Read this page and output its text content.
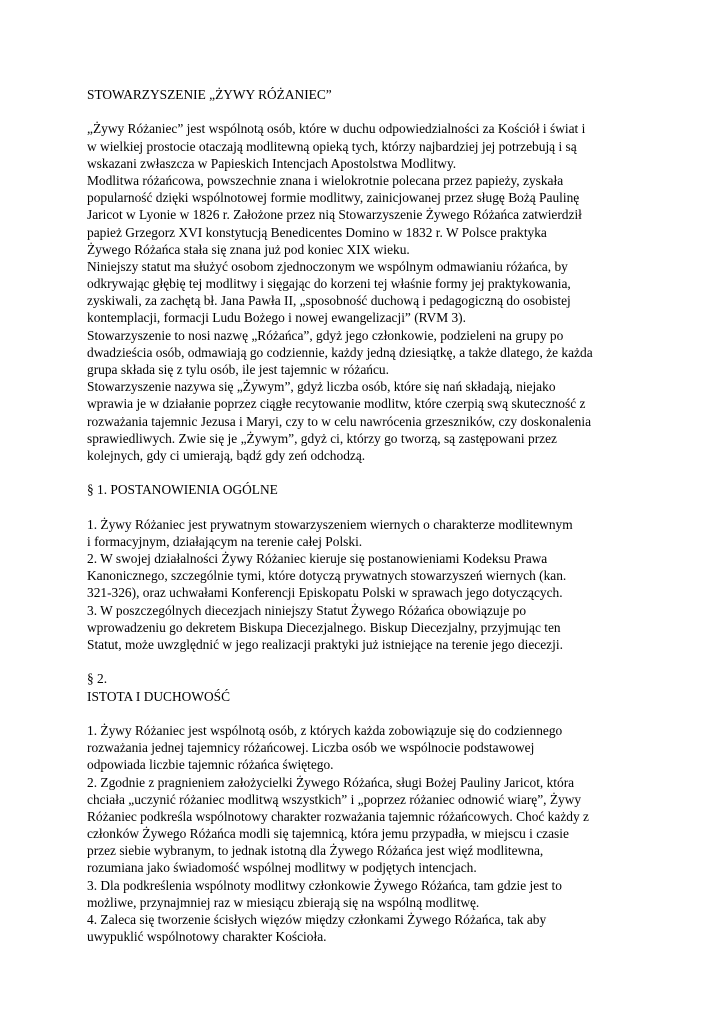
STOWARZYSZENIE „ŻYWY RÓŻANIEC”
„Żywy Różaniec” jest wspólnotą osób, które w duchu odpowiedzialności za Kościół i świat i
w wielkiej prostocie otaczają modlitewną opieką tych, którzy najbardziej jej potrzebują i są
wskazani zwłaszcza w Papieskich Intencjach Apostolstwa Modlitwy.
Modlitwa różańcowa, powszechnie znana i wielokrotnie polecana przez papieży, zyskała
popularność dzięki wspólnotowej formie modlitwy, zainicjowanej przez sługę Bożą Paulinę
Jaricot w Lyonie w 1826 r. Założone przez nią Stowarzyszenie Żywego Różańca zatwierdził
papież Grzegorz XVI konstytucją Benedicentes Domino w 1832 r. W Polsce praktyka
Żywego Różańca stała się znana już pod koniec XIX wieku.
Niniejszy statut ma służyć osobom zjednoczonym we wspólnym odmawianiu różańca, by
odkrywając głębię tej modlitwy i sięgając do korzeni tej właśnie formy jej praktykowania,
zyskiwali, za zachętą bł. Jana Pawła II, „sposobność duchową i pedagogiczną do osobistej
kontemplacji, formacji Ludu Bożego i nowej ewangelizacji” (RVM 3).
Stowarzyszenie to nosi nazwę „Różańca”, gdyż jego członkowie, podzieleni na grupy po
dwadzieścia osób, odmawiają go codziennie, każdy jedną dziesiątkę, a także dlatego, że każda
grupa składa się z tylu osób, ile jest tajemnic w różańcu.
Stowarzyszenie nazywa się „Żywym”, gdyż liczba osób, które się nań składają, niejako
wprawia je w działanie poprzez ciągłe recytowanie modlitw, które czerpią swą skuteczność z
rozważania tajemnic Jezusa i Maryi, czy to w celu nawrócenia grzeszników, czy doskonalenia
sprawiedliwych. Zwie się je „Żywym”, gdyż ci, którzy go tworzą, są zastępowani przez
kolejnych, gdy ci umierają, bądź gdy zeń odchodzą.
§ 1. POSTANOWIENIA OGÓLNE
1. Żywy Różaniec jest prywatnym stowarzyszeniem wiernych o charakterze modlitewnym
i formacyjnym, działającym na terenie całej Polski.
2. W swojej działalności Żywy Różaniec kieruje się postanowieniami Kodeksu Prawa
Kanonicznego, szczególnie tymi, które dotyczą prywatnych stowarzyszeń wiernych (kan.
321-326), oraz uchwałami Konferencji Episkopatu Polski w sprawach jego dotyczących.
3. W poszczególnych diecezjach niniejszy Statut Żywego Różańca obowiązuje po
wprowadzeniu go dekretem Biskupa Diecezjalnego. Biskup Diecezjalny, przyjmując ten
Statut, może uwzględnić w jego realizacji praktyki już istniejące na terenie jego diecezji.
§ 2.
ISTOTA I DUCHOWOŚĆ
1. Żywy Różaniec jest wspólnotą osób, z których każda zobowiązuje się do codziennego
rozważania jednej tajemnicy różańcowej. Liczba osób we wspólnocie podstawowej
odpowiada liczbie tajemnic różańca świętego.
2. Zgodnie z pragnieniem założycielki Żywego Różańca, sługi Bożej Pauliny Jaricot, która
chciała „uczynić różaniec modlitwą wszystkich” i „poprzez różaniec odnowić wiarę”, Żywy
Różaniec podkreśla wspólnotowy charakter rozważania tajemnic różańcowych. Choć każdy z
członków Żywego Różańca modli się tajemnicą, która jemu przypadła, w miejscu i czasie
przez siebie wybranym, to jednak istotną dla Żywego Różańca jest więź modlitewna,
rozumiana jako świadomość wspólnej modlitwy w podjętych intencjach.
3. Dla podkreślenia wspólnoty modlitwy członkowie Żywego Różańca, tam gdzie jest to
możliwe, przynajmniej raz w miesiącu zbierają się na wspólną modlitwę.
4. Zaleca się tworzenie ścisłych więzów między członkami Żywego Różańca, tak aby
uwypuklić wspólnotowy charakter Kościoła.
